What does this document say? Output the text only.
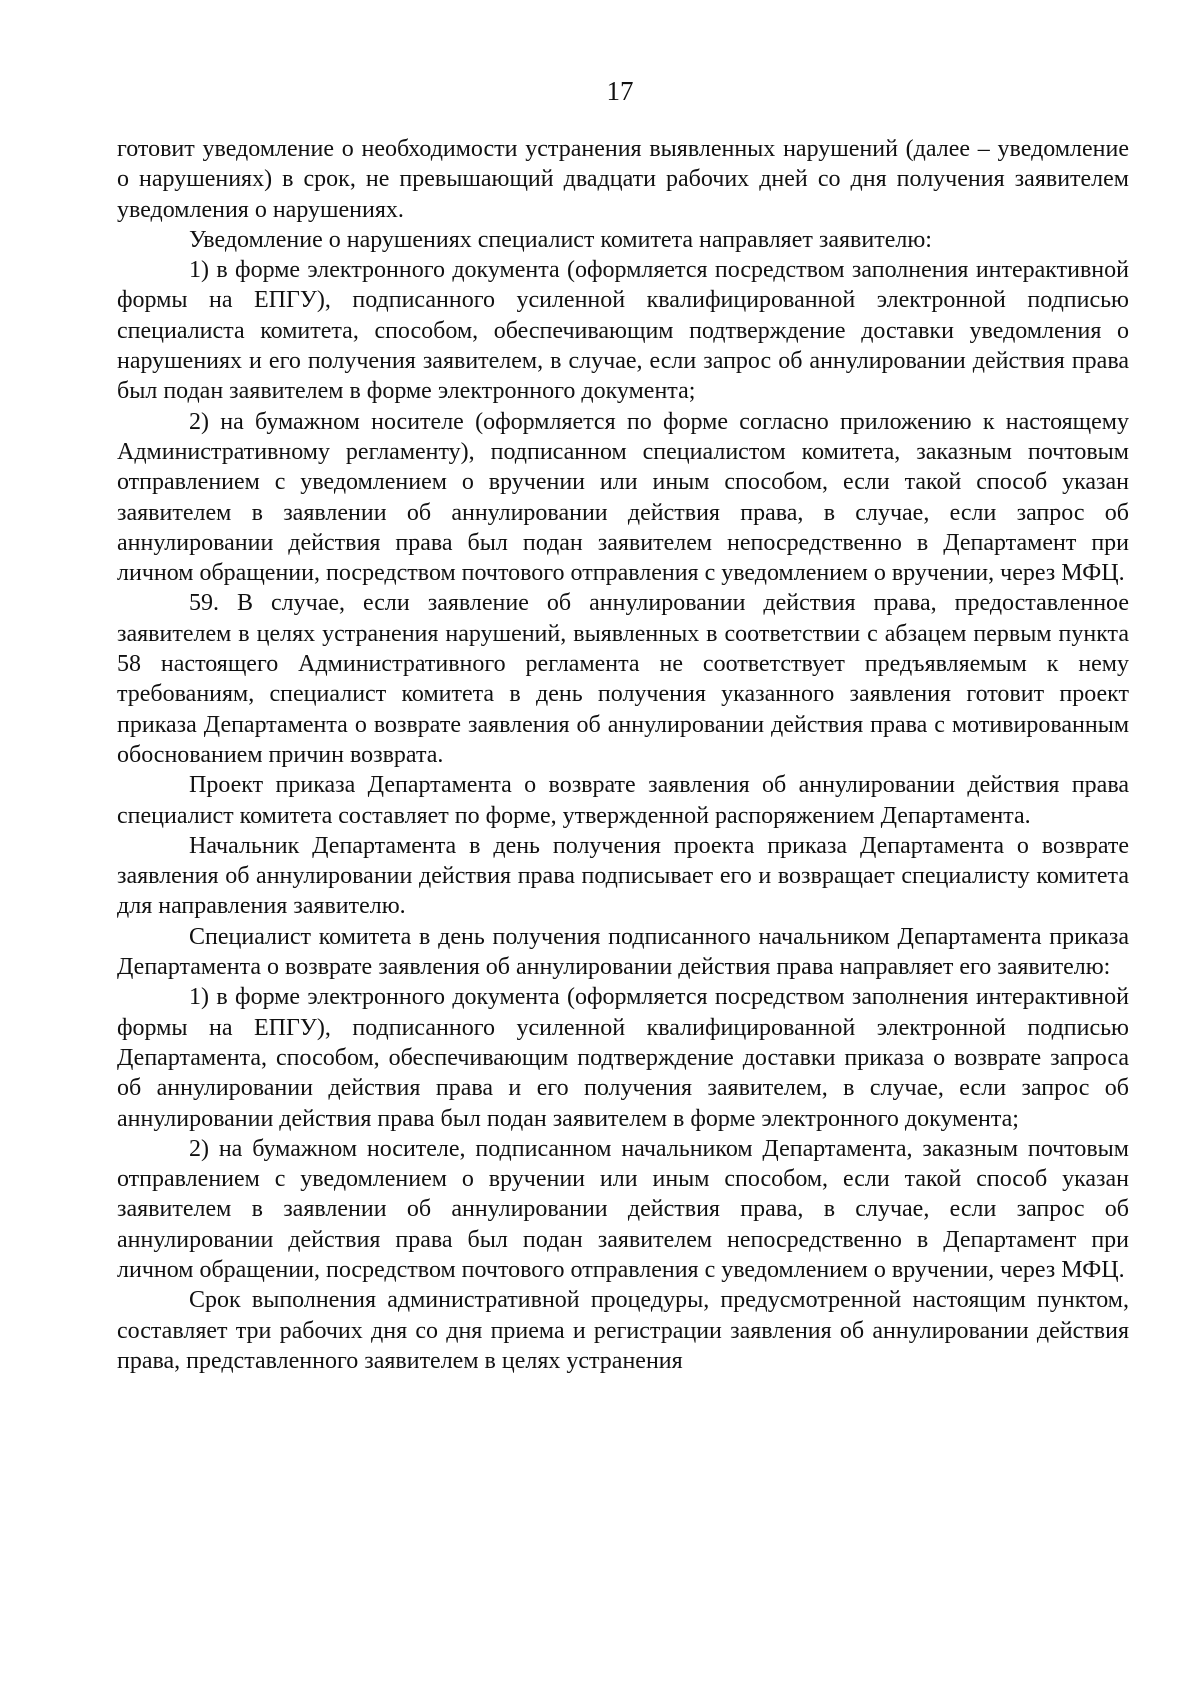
17

готовит уведомление о необходимости устранения выявленных нарушений (далее – уведомление о нарушениях) в срок, не превышающий двадцати рабочих дней со дня получения заявителем уведомления о нарушениях.

Уведомление о нарушениях специалист комитета направляет заявителю:

1) в форме электронного документа (оформляется посредством заполнения интерактивной формы на ЕПГУ), подписанного усиленной квалифицированной электронной подписью специалиста комитета, способом, обеспечивающим подтверждение доставки уведомления о нарушениях и его получения заявителем, в случае, если запрос об аннулировании действия права был подан заявителем в форме электронного документа;

2) на бумажном носителе (оформляется по форме согласно приложению к настоящему Административному регламенту), подписанном специалистом комитета, заказным почтовым отправлением с уведомлением о вручении или иным способом, если такой способ указан заявителем в заявлении об аннулировании действия права, в случае, если запрос об аннулировании действия права был подан заявителем непосредственно в Департамент при личном обращении, посредством почтового отправления с уведомлением о вручении, через МФЦ.

59. В случае, если заявление об аннулировании действия права, предоставленное заявителем в целях устранения нарушений, выявленных в соответствии с абзацем первым пункта 58 настоящего Административного регламента не соответствует предъявляемым к нему требованиям, специалист комитета в день получения указанного заявления готовит проект приказа Департамента о возврате заявления об аннулировании действия права с мотивированным обоснованием причин возврата.

Проект приказа Департамента о возврате заявления об аннулировании действия права специалист комитета составляет по форме, утвержденной распоряжением Департамента.

Начальник Департамента в день получения проекта приказа Департамента о возврате заявления об аннулировании действия права подписывает его и возвращает специалисту комитета для направления заявителю.

Специалист комитета в день получения подписанного начальником Департамента приказа Департамента о возврате заявления об аннулировании действия права направляет его заявителю:

1) в форме электронного документа (оформляется посредством заполнения интерактивной формы на ЕПГУ), подписанного усиленной квалифицированной электронной подписью Департамента, способом, обеспечивающим подтверждение доставки приказа о возврате запроса об аннулировании действия права и его получения заявителем, в случае, если запрос об аннулировании действия права был подан заявителем в форме электронного документа;

2) на бумажном носителе, подписанном начальником Департамента, заказным почтовым отправлением с уведомлением о вручении или иным способом, если такой способ указан заявителем в заявлении об аннулировании действия права, в случае, если запрос об аннулировании действия права был подан заявителем непосредственно в Департамент при личном обращении, посредством почтового отправления с уведомлением о вручении, через МФЦ.

Срок выполнения административной процедуры, предусмотренной настоящим пунктом, составляет три рабочих дня со дня приема и регистрации заявления об аннулировании действия права, представленного заявителем в целях устранения
